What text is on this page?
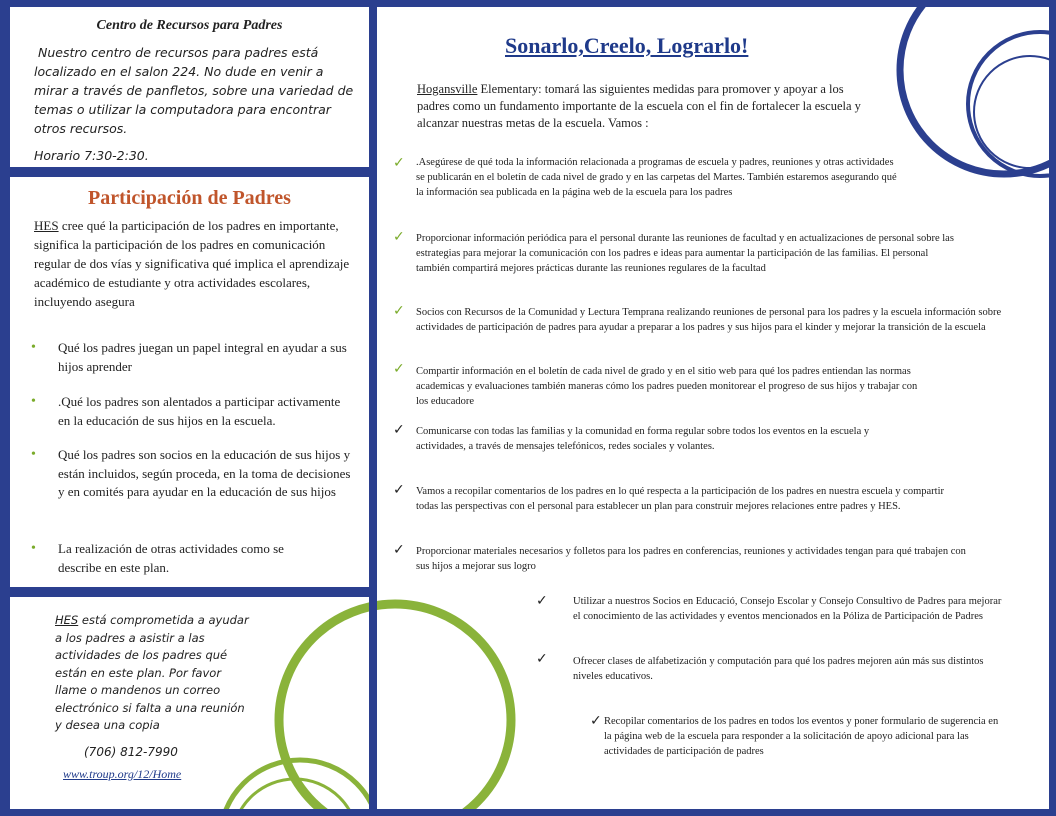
Centro de Recursos para Padres
Nuestro centro de recursos para padres está localizado en el salon 224. No dude en venir a mirar a través de panfletos, sobre una variedad de temas o utilizar la computadora para encontrar otros recursos.
Horario 7:30-2:30.
Participación de Padres
HES cree qué la participación de los padres en importante, significa la participación de los padres en comunicación regular de dos vías y significativa qué implica el aprendizaje académico de estudiante y otra actividades escolares, incluyendo asegura
• Qué los padres juegan un papel integral en ayudar a sus hijos aprender
• .Qué los padres son alentados a participar activamente en la educación de sus hijos en la escuela.
• Qué los padres son socios en la educación de sus hijos y están incluidos, según proceda, en la toma de decisiones y en comités para ayudar en la educación de sus hijos
• La realización de otras actividades como se describe en este plan.
HES está comprometida a ayudar a los padres a asistir a las actividades de los padres qué están en este plan. Por favor llame o mandenos un correo electrónico si falta a una reunión y desea una copia
(706) 812-7990
www.troup.org/12/Home
Sonarlo,Creelo, Lograrlo!
Hogansville Elementary: tomará las siguientes medidas para promover y apoyar a los padres como un fundamento importante de la escuela con el fin de fortalecer la escuela y alcanzar nuestras metas de la escuela. Vamos :
✓ .Asegúrese de qué toda la información relacionada a programas de escuela y padres, reuniones y otras actividades se publicarán en el boletín de cada nivel de grado y en las carpetas del Martes. También estaremos asegurando qué la información sea publicada en la página web de la escuela para los padres
✓ Proporcionar información periódica para el personal durante las reuniones de facultad y en actualizaciones de personal sobre las estrategias para mejorar la comunicación con los padres e ideas para aumentar la participación de las familias. El personal también compartirá mejores prácticas durante las reuniones regulares de la facultad
✓ Socios con Recursos de la Comunidad y Lectura Temprana realizando reuniones de personal para los padres y la escuela información sobre actividades de participación de padres para ayudar a preparar a los padres y sus hijos para el kinder y mejorar la transición de la escuela
✓ Compartir información en el boletín de cada nivel de grado y en el sitio web para qué los padres entiendan las normas academicas y evaluaciones también maneras cómo los padres pueden monitorear el progreso de sus hijos y trabajar con los educadore
✓ Comunicarse con todas las familias y la comunidad en forma regular sobre todos los eventos en la escuela y actividades, a través de mensajes telefónicos, redes sociales y volantes.
✓ Vamos a recopilar comentarios de los padres en lo qué respecta a la participación de los padres en nuestra escuela y compartir todas las perspectivas con el personal para establecer un plan para construir mejores relaciones entre padres y HES.
✓ Proporcionar materiales necesarios y folletos para los padres en conferencias, reuniones y actividades tengan para qué trabajen con sus hijos a mejorar sus logro
✓ Utilizar a nuestros Socios en Educació, Consejo Escolar y Consejo Consultivo de Padres para mejorar el conocimiento de las actividades y eventos mencionados en la Póliza de Participación de Padres
✓ Ofrecer clases de alfabetización y computación para qué los padres mejoren aún más sus distintos niveles educativos.
✓ Recopilar comentarios de los padres en todos los eventos y poner formulario de sugerencia en la página web de la escuela para responder a la solicitación de apoyo adicional para las actividades de participación de padres
